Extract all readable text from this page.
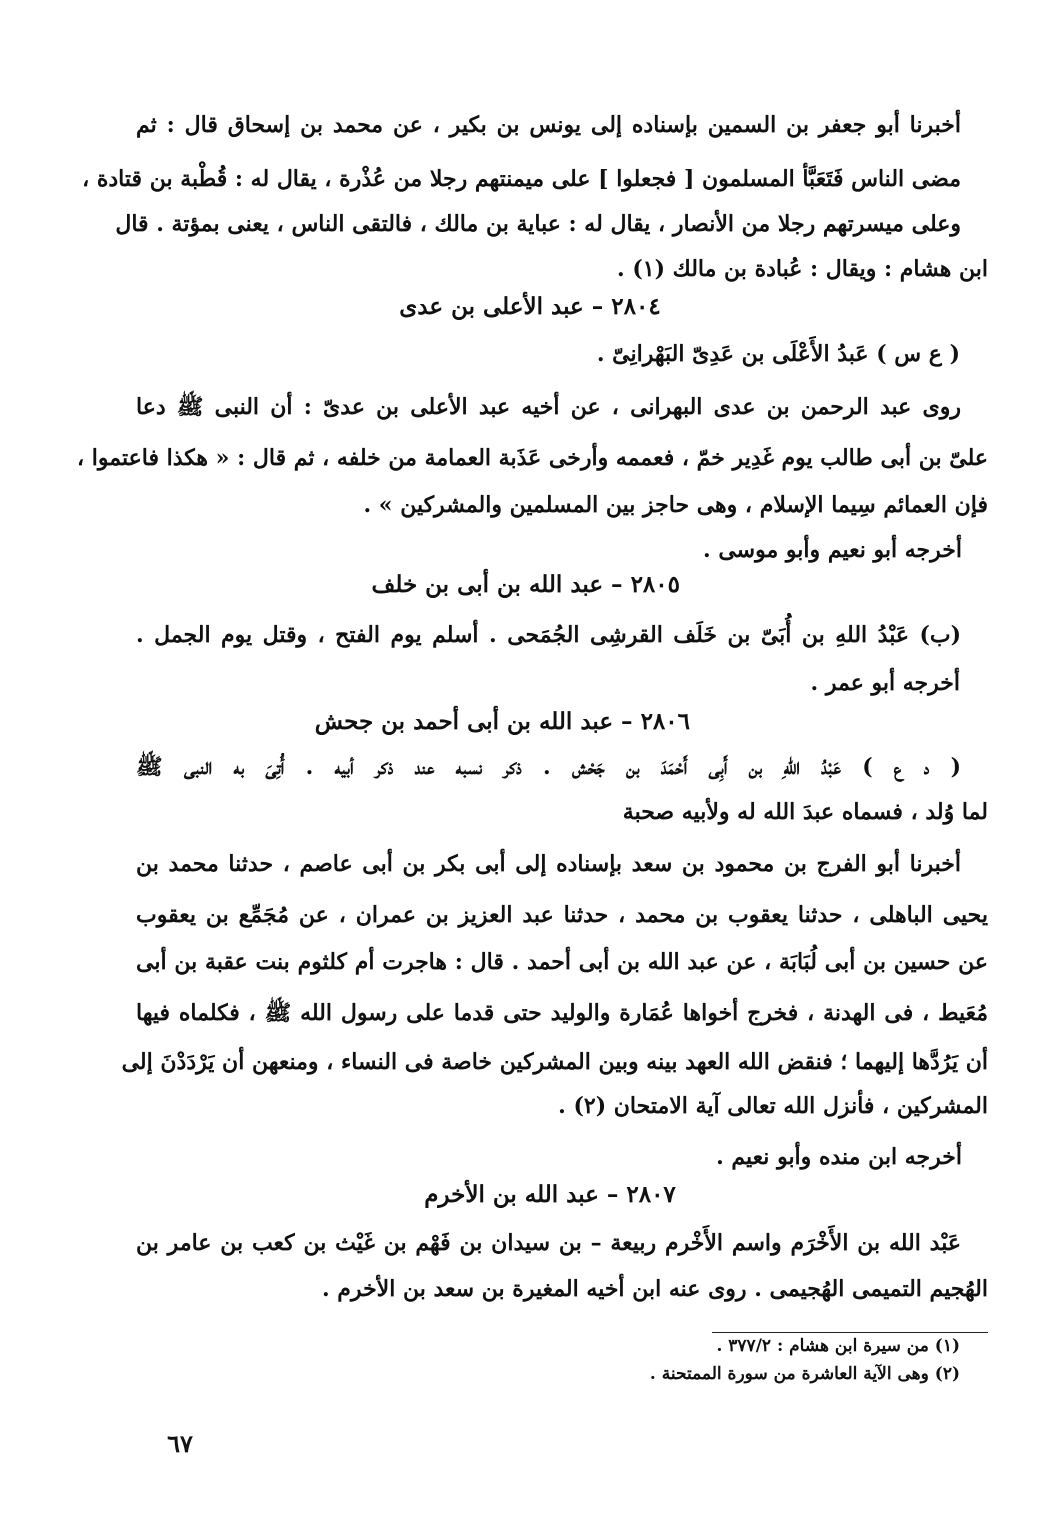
أخبرنا أبو جعفر بن السمين بإسناده إلى يونس بن بكير ، عن محمد بن إسحاق قال : ثم
مضى الناس فَتَعَبَّأ المسلمون [ فجعلوا ] على ميمنتهم رجلا من عُذْرة ، يقال له : قُطْبة بن قتادة ،
وعلى ميسرتهم رجلا من الأنصار ، يقال له : عباية بن مالك ، فالتقى الناس ، يعنى بمؤتة . قال
ابن هشام : ويقال : عُبادة بن مالك (١) .
٢٨٠٤ – عبد الأعلى بن عدى
( ع س ) عَبدُ الأَعْلَى بن عَدِىّ البَهْرانِىّ .
روى عبد الرحمن بن عدى البهرانى ، عن أخيه عبد الأعلى بن عدىّ : أن النبى ﷺ دعا
علىّ بن أبى طالب يوم غَدِير خمّ ، فعممه وأرخى عَذَبة العمامة من خلفه ، ثم قال : « هكذا فاعتموا ،
فإن العمائم سِيما الإسلام ، وهى حاجز بين المسلمين والمشركين » .
أخرجه أبو نعيم وأبو موسى .
٢٨٠٥ – عبد الله بن أبى بن خلف
(ب) عَبْدُ اللهِ بن أُبَىّ بن خَلَف القرشِى الجُمَحى . أسلم يوم الفتح ، وقتل يوم الجمل .
أخرجه أبو عمر .
٢٨٠٦ – عبد الله بن أبى أحمد بن جحش
( د ع ) عَبْدُ اللهِ بن أَبِى أَحْمَدَ بن جَحْش . ذكر نسبه عند ذكر أبيه . أُتِىَ به النبى ﷺ
لما وُلد ، فسماه عبدَ الله له ولأبيه صحبة
أخبرنا أبو الفرج بن محمود بن سعد بإسناده إلى أبى بكر بن أبى عاصم ، حدثنا محمد بن
يحيى الباهلى ، حدثنا يعقوب بن محمد ، حدثنا عبد العزيز بن عمران ، عن مُجَمِّع بن يعقوب
عن حسين بن أبى لُبَابَة ، عن عبد الله بن أبى أحمد . قال : هاجرت أم كلثوم بنت عقبة بن أبى
مُعَيط ، فى الهدنة ، فخرج أخواها عُمَارة والوليد حتى قدما على رسول الله ﷺ ، فكلماه فيها
أن يَرُدَّها إليهما ؛ فنقض الله العهد بينه وبين المشركين خاصة فى النساء ، ومنعهن أن يَرْدَدْنَ إلى
المشركين ، فأنزل الله تعالى آية الامتحان (٢) .
أخرجه ابن منده وأبو نعيم .
٢٨٠٧ – عبد الله بن الأخرم
عَبْد الله بن الأَخْرَم واسم الأَخْرم ربيعة – بن سيدان بن فَهْم بن غَيْث بن كعب بن عامر بن
الهُجيم التميمى الهُجيمى . روى عنه ابن أخيه المغيرة بن سعد بن الأخرم .
(١) من سيرة ابن هشام : ٣٧٧/٢ .
(٢) وهى الآية العاشرة من سورة الممتحنة .
٦٧
